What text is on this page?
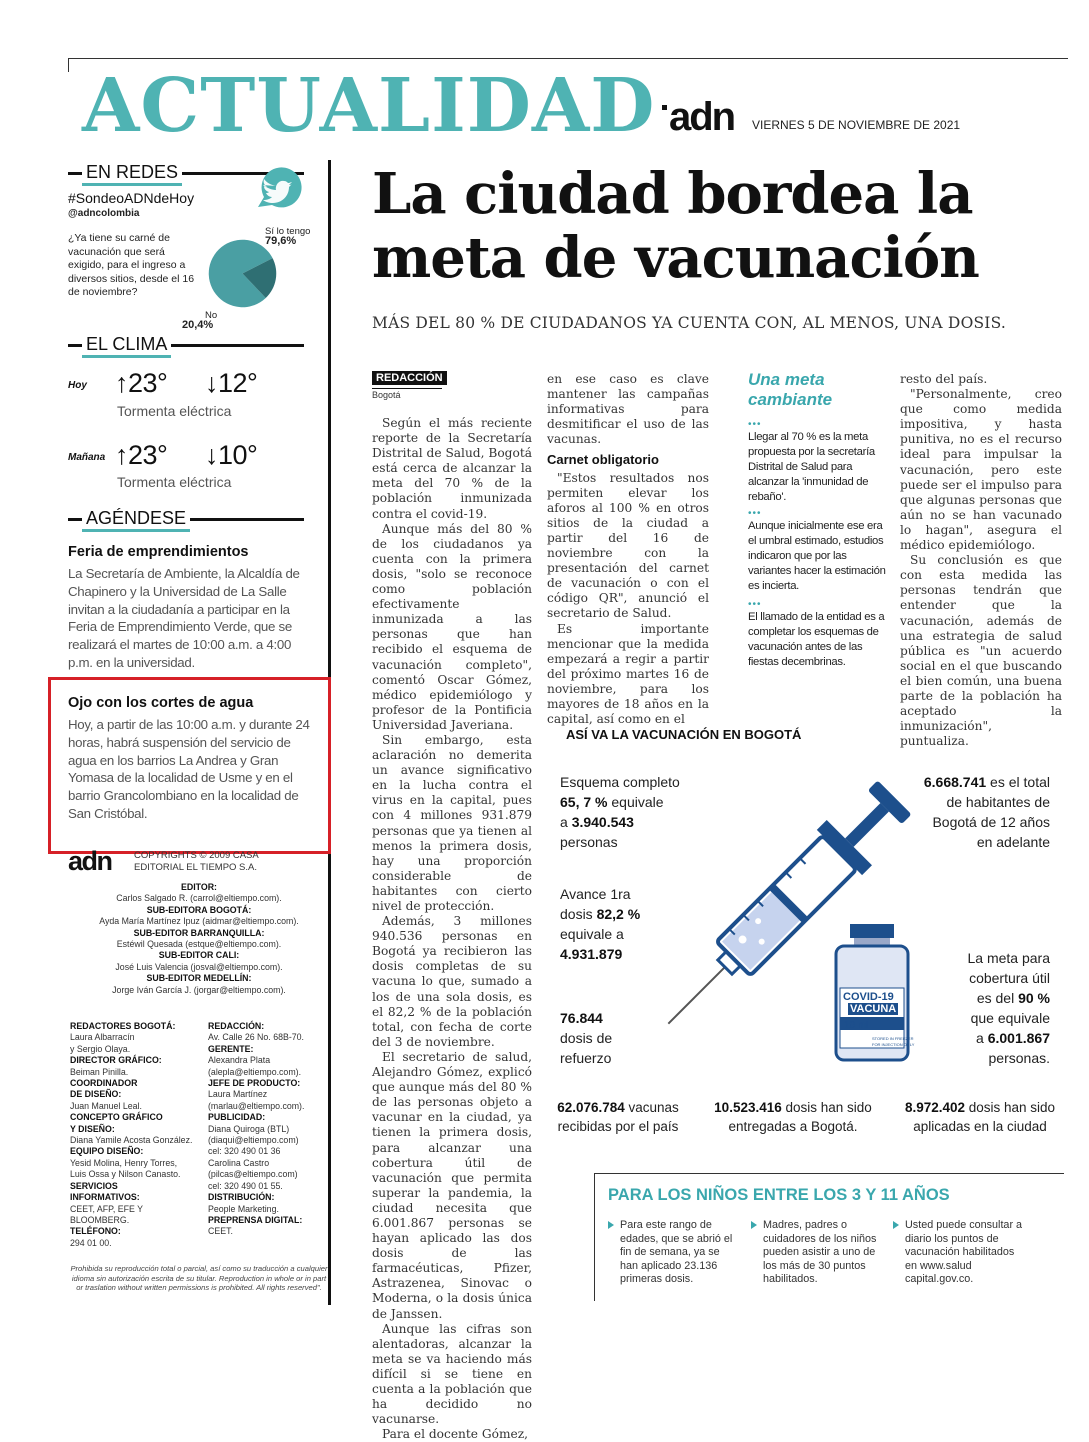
ACTUALIDAD adn VIERNES 5 DE NOVIEMBRE DE 2021
EN REDES
#SondeoADNdeHoy
@adncolombia
¿Ya tiene su carné de vacunación que será exigido, para el ingreso a diversos sitios, desde el 16 de noviembre?
Sí lo tengo
79,6%
No
20,4%
EL CLIMA
Hoy ↑23° ↓12°
Tormenta eléctrica
Mañana ↑23° ↓10°
Tormenta eléctrica
AGÉNDESE
Feria de emprendimientos
La Secretaría de Ambiente, la Alcaldía de Chapinero y la Universidad de La Salle invitan a la ciudadanía a participar en la Feria de Emprendimiento Verde, que se realizará el martes de 10:00 a.m. a 4:00 p.m. en la universidad.
Ojo con los cortes de agua
Hoy, a partir de las 10:00 a.m. y durante 24 horas, habrá suspensión del servicio de agua en los barrios La Andrea y Gran Yomasa de la localidad de Usme y en el barrio Grancolombiano en la localidad de San Cristóbal.
adn COPYRIGHTS © 2009 CASA EDITORIAL EL TIEMPO S.A.
EDITOR:
Carlos Salgado R. (carrol@eltiempo.com).
SUB-EDITORA BOGOTÁ:
Ayda María Martínez Ipuz (aidmar@eltiempo.com).
SUB-EDITOR BARRANQUILLA:
Estéwil Quesada (estque@eltiempo.com).
SUB-EDITOR CALI:
José Luis Valencia (josval@eltiempo.com).
SUB-EDITOR MEDELLÍN:
Jorge Iván García J. (jorgar@eltiempo.com).
REDACTORES BOGOTÁ:
Laura Albarracín
y Sergio Olaya.
DIRECTOR GRÁFICO:
Beiman Pinilla.
COORDINADOR
DE DISEÑO:
Juan Manuel Leal.
CONCEPTO GRÁFICO
Y DISEÑO:
Diana Yamile Acosta González.
EQUIPO DISEÑO:
Yesid Molina, Henry Torres,
Luis Ossa y Nilson Canasto.
SERVICIOS
INFORMATIVOS:
CEET, AFP, EFE Y BLOOMBERG.
TELÉFONO:
294 01 00.
REDACCIÓN:
Av. Calle 26 No. 68B-70.
GERENTE:
Alexandra Plata
(alepla@eltiempo.com).
JEFE DE PRODUCTO:
Laura Martínez
(marlau@eltiempo.com).
PUBLICIDAD:
Diana Quiroga (BTL)
(diaqui@eltiempo.com)
cel: 320 490 01 36
Carolina Castro
(pilcas@eltiempo.com)
cel: 320 490 01 55.
DISTRIBUCIÓN:
People Marketing.
PREPRENSA DIGITAL:
CEET.
Prohibida su reproducción total o parcial, así como su traducción a cualquier idioma sin autorización escrita de su titular. Reproduction in whole or in part or traslation without written permissions is prohibited. All rights reserved".
La ciudad bordea la meta de vacunación
MÁS DEL 80 % DE CIUDADANOS YA CUENTA CON, AL MENOS, UNA DOSIS.
REDACCIÓN
Bogotá

Según el más reciente reporte de la Secretaría Distrital de Salud, Bogotá está cerca de alcanzar la meta del 70 % de la población inmunizada contra el covid-19.

Aunque más del 80 % de los ciudadanos ya cuenta con la primera dosis, "solo se reconoce como población efectivamente inmunizada a las personas que han recibido el esquema de vacunación completo", comentó Oscar Gómez, médico epidemiólogo y profesor de la Pontificia Universidad Javeriana.

Sin embargo, esta aclaración no demerita un avance significativo en la lucha contra el virus en la capital, pues con 4 millones 931.879 personas que ya tienen al menos la primera dosis, hay una proporción considerable de habitantes con cierto nivel de protección.

Además, 3 millones 940.536 personas en Bogotá ya recibieron las dosis completas de su vacuna lo que, sumado a los de una sola dosis, es el 82,2 % de la población total, con fecha de corte del 3 de noviembre.

El secretario de salud, Alejandro Gómez, explicó que aunque más del 80 % de las personas objeto a vacunar en la ciudad, ya tienen la primera dosis, para alcanzar una cobertura útil de vacunación que permita superar la pandemia, la ciudad necesita que 6.001.867 personas se hayan aplicado las dos dosis de las farmacéuticas, Pfizer, Astrazenea, Sinovac o Moderna, o la dosis única de Janssen.

Aunque las cifras son alentadoras, alcanzar la meta se va haciendo más difícil si se tiene en cuenta a la población que ha decidido no vacunarse.

Para el docente Gómez,

en ese caso es clave mantener las campañas informativas para desmitificar el uso de las vacunas.
Carnet obligatorio

"Estos resultados nos permiten elevar los aforos al 100 % en otros sitios de la ciudad a partir del 16 de noviembre con la presentación del carnet de vacunación o con el código QR", anunció el secretario de Salud.

Es importante mencionar que la medida empezará a regir a partir del próximo martes 16 de noviembre, para los mayores de 18 años en la capital, así como en el

Una meta cambiante
•••
Llegar al 70 % es la meta propuesta por la secretaría Distrital de Salud para alcanzar la 'inmunidad de rebaño'.
•••
Aunque inicialmente ese era el umbral estimado, estudios indicaron que por las variantes hacer la estimación es incierta.
•••
El llamado de la entidad es a completar los esquemas de vacunación antes de las fiestas decembrinas.
resto del país.

"Personalmente, creo que como medida impositiva, y hasta punitiva, no es el recurso ideal para impulsar la vacunación, pero este puede ser el impulso para que algunas personas que aún no se han vacunado lo hagan", asegura el médico epidemiólogo.

Su conclusión es que con esta medida las personas tendrán que entender que la vacunación, además de una estrategia de salud pública es "un acuerdo social en el que buscando el bien común, una buena parte de la población ha aceptado la inmunización", puntualiza.

ASÍ VA LA VACUNACIÓN EN BOGOTÁ
COVID-19
VACUNA
10 ml
STORED IN FREEZER
FOR INJECTION ONLY
Esquema completo
65, 7 % equivale
a 3.940.543
personas
Avance 1ra
dosis 82,2 %
equivale a
4.931.879
76.844
dosis de
refuerzo
6.668.741 es el total
de habitantes de
Bogotá de 12 años
en adelante
La meta para
cobertura útil
es del 90 %
que equivale
a 6.001.867
personas.
62.076.784 vacunas
recibidas por el país
10.523.416 dosis han sido
entregadas a Bogotá.
8.972.402 dosis han sido
aplicadas en la ciudad
PARA LOS NIÑOS ENTRE LOS 3 Y 11 AÑOS
Para este rango de edades, que se abrió el fin de semana, ya se han aplicado 23.136 primeras dosis.
Madres, padres o cuidadores de los niños pueden asistir a uno de los más de 30 puntos habilitados.
Usted puede consultar a diario los puntos de vacunación habilitados en www.salud capital.gov.co.
